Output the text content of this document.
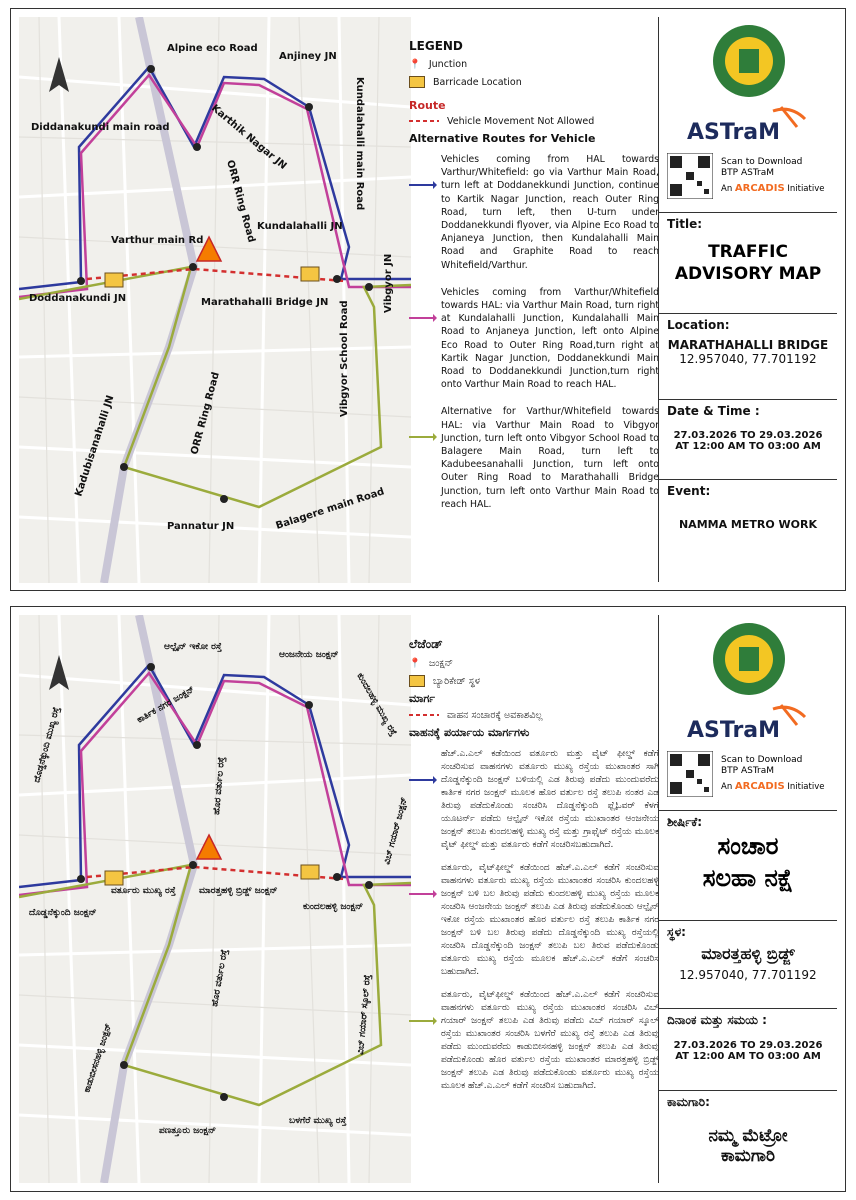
Alpine eco Road
Anjiney JN
Kundalahalli main Road
Diddanakundi main road	Karthik Nagar JN
ORR Ring Road Kundalahalli JN
Varthur main Rd
Marathahalli Bridge JN
Doddanakundi JN
Vibgyor School Road
Vibgyor JN
ORR Ring Road
Kadubisanahalli JN
Pannatur JN	Balagere main Road
LEGEND
📍 Junction
Barricade Location
Route
Vehicle Movement Not Allowed
Alternative Routes for Vehicle

Vehicles coming from HAL towards Varthur/Whitefield: go via Varthur Main Road, turn left at Doddanekkundi Junction, continue to Kartik Nagar Junction, reach Outer Ring Road, turn left, then U-turn under Doddanekkundi flyover, via Alpine Eco Road to Anjaneya Junction, then Kundalahalli Main Road and Graphite Road to reach Whitefield/Varthur.

Vehicles coming from Varthur/Whitefield towards HAL: via Varthur Main Road, turn right at Kundalahalli Junction, Kundalahalli Main Road to Anjaneya Junction, left onto Alpine Eco Road to Outer Ring Road,turn right at Kartik Nagar Junction, Doddanekkundi Main Road to Doddanekkundi Junction,turn right onto Varthur Main Road to reach HAL.

Alternative for Varthur/Whitefield towards HAL: via Varthur Main Road to Vibgyor Junction, turn left onto Vibgyor School Road to Balagere Main Road, turn left to Kadubeesanahalli Junction, turn left onto Outer Ring Road to Marathahalli Bridge Junction, turn left onto Varthur Main Road to reach HAL.

ASTraM
Scan to Download
BTP ASTraM
An ARCADIS Initiative
Title:
TRAFFIC
ADVISORY MAP
Location:
MARATHAHALLI BRIDGE
12.957040, 77.701192
Date & Time :
27.03.2026 TO 29.03.2026
AT 12:00 AM TO 03:00 AM
Event:
NAMMA METRO WORK
ಆಲ್ಪೈನ್ ಇಕೋ ರಸ್ತೆ
ಆಂಜನೇಯ ಜಂಕ್ಷನ್
ಕುಂದಲಹಳ್ಳಿ ಮುಖ್ಯ ರಸ್ತೆ
ದೊಡ್ಡನೆಕ್ಕುಂದಿ ಮುಖ್ಯ ರಸ್ತೆ
ಕಾರ್ತಿಕ ನಗರ ಜಂಕ್ಷನ್
ಹೊರ ವರ್ತುಲ ರಸ್ತೆ
ವಿಬ್ ಗಯಾರ್ ಜಂಕ್ಷನ್
ವರ್ತೂರು ಮುಖ್ಯ ರಸ್ತೆ	ಮಾರತ್ತಹಳ್ಳಿ ಬ್ರಿಡ್ಜ್ ಜಂಕ್ಷನ್
ಕುಂದಲಹಳ್ಳಿ ಜಂಕ್ಷನ್
ದೊಡ್ಡನೆಕ್ಕುಂದಿ ಜಂಕ್ಷನ್
ಹೊರ ವರ್ತುಲ ರಸ್ತೆ	ವಿಬ್ ಗಯಾರ್ ಸ್ಕೂಲ್ ರಸ್ತೆ
ಕಾಡುಬೀಸನಹಳ್ಳಿ ಜಂಕ್ಷನ್
ಪಣತ್ತೂರು ಜಂಕ್ಷನ್
ಬಳಗೆರೆ ಮುಖ್ಯ ರಸ್ತೆ
ಲೆಜೆಂಡ್
📍 ಜಂಕ್ಷನ್
ಬ್ಯಾರಿಕೇಡ್ ಸ್ಥಳ
ಮಾರ್ಗ
ವಾಹನ ಸಂಚಾರಕ್ಕೆ ಅವಕಾಶವಿಲ್ಲ
ವಾಹನಕ್ಕೆ ಪರ್ಯಾಯ ಮಾರ್ಗಗಳು

ಹೆಚ್.ಎ.ಎಲ್ ಕಡೆಯಿಂದ ವರ್ತೂರು ಮತ್ತು ವೈಟ್ ಫೀಲ್ಡ್ ಕಡೆಗೆ ಸಂಚರಿಸುವ ವಾಹನಗಳು ವರ್ತೂರು ಮುಖ್ಯ ರಸ್ತೆಯ ಮುಖಾಂತರ ಸಾಗಿ ದೊಡ್ಡನೆಕ್ಕುಂದಿ ಜಂಕ್ಷನ್ ಬಳಿಯಲ್ಲಿ ಎಡ ತಿರುವು ಪಡೆದು ಮುಂದುವರೆದು ಕಾರ್ತಿಕ ನಗರ ಜಂಕ್ಷನ್ ಮೂಲಕ ಹೊರ ವರ್ತುಲ ರಸ್ತೆ ತಲುಪಿ ನಂತರ ಎಡ ತಿರುವು ಪಡೆದುಕೊಂಡು ಸಂಚರಿಸಿ ದೊಡ್ಡನೆಕ್ಕುಂದಿ ಫ್ಲೈಓವರ್ ಕೆಳಗೆ ಯೂಟರ್ನ್ ಪಡೆದು ಆಲ್ಪೈನ್ ಇಕೋ ರಸ್ತೆಯ ಮುಖಾಂತರ ಆಂಜನೇಯ ಜಂಕ್ಷನ್ ತಲುಪಿ ಕುಂದಲಹಳ್ಳಿ ಮುಖ್ಯ ರಸ್ತೆ ಮತ್ತು ಗ್ರಾಫೈಟ್ ರಸ್ತೆಯ ಮೂಲಕ ವೈಟ್ ಫೀಲ್ಡ್ ಮತ್ತು ವರ್ತೂರು ಕಡೆಗೆ ಸಂಚರಿಸಬಹುದಾಗಿದೆ.

ವರ್ತೂರು, ವೈಟ್‌ಫೀಲ್ಡ್ ಕಡೆಯಿಂದ ಹೆಚ್.ಎ.ಎಲ್ ಕಡೆಗೆ ಸಂಚರಿಸುವ ವಾಹನಗಳು ವರ್ತೂರು ಮುಖ್ಯ ರಸ್ತೆಯ ಮುಖಾಂತರ ಸಂಚರಿಸಿ ಕುಂದಲಹಳ್ಳಿ ಜಂಕ್ಷನ್ ಬಳಿ ಬಲ ತಿರುವು ಪಡೆದು ಕುಂದಲಹಳ್ಳಿ ಮುಖ್ಯ ರಸ್ತೆಯ ಮೂಲಕ ಸಂಚರಿಸಿ ಆಂಜನೇಯ ಜಂಕ್ಷನ್ ತಲುಪಿ ಎಡ ತಿರುವು ಪಡೆದುಕೊಂಡು ಆಲ್ಪೈನ್ ಇಕೋ ರಸ್ತೆಯ ಮುಖಾಂತರ ಹೊರ ವರ್ತುಲ ರಸ್ತೆ ತಲುಪಿ ಕಾರ್ತಿಕ ನಗರ ಜಂಕ್ಷನ್ ಬಳಿ ಬಲ ತಿರುವು ಪಡೆದು ದೊಡ್ಡನೆಕ್ಕುಂದಿ ಮುಖ್ಯ ರಸ್ತೆಯಲ್ಲಿ ಸಂಚರಿಸಿ ದೊಡ್ಡನೆಕ್ಕುಂದಿ ಜಂಕ್ಷನ್ ತಲುಪಿ ಬಲ ತಿರುವ ಪಡೆದುಕೊಂಡು ವರ್ತೂರು ಮುಖ್ಯ ರಸ್ತೆಯ ಮೂಲಕ ಹೆಚ್.ಎ.ಎಲ್ ಕಡೆಗೆ ಸಂಚರಿಸ ಬಹುದಾಗಿದೆ.

ವರ್ತೂರು, ವೈಟ್‌ಫೀಲ್ಡ್ ಕಡೆಯಿಂದ ಹೆಚ್.ಎ.ಎಲ್ ಕಡೆಗೆ ಸಂಚರಿಸುವ ವಾಹನಗಳು ವರ್ತೂರು ಮುಖ್ಯ ರಸ್ತೆಯ ಮುಖಾಂತರ ಸಂಚರಿಸಿ ವಿಬ್ ಗಯಾರ್ ಜಂಕ್ಷನ್ ತಲುಪಿ ಎಡ ತಿರುವು ಪಡೆದು ವಿಬ್ ಗಯಾರ್ ಸ್ಕೂಲ್ ರಸ್ತೆಯ ಮುಖಾಂತರ ಸಂಚರಿಸಿ ಬಳಗೆರೆ ಮುಖ್ಯ ರಸ್ತೆ ತಲುಪಿ ಎಡ ತಿರುವು ಪಡೆದು ಮುಂದುವರೆದು ಕಾಡುಬೀಸನಹಳ್ಳಿ ಜಂಕ್ಷನ್ ತಲುಪಿ ಎಡ ತಿರುವು ಪಡೆದುಕೊಂಡು ಹೊರ ವರ್ತುಲ ರಸ್ತೆಯ ಮುಖಾಂತರ ಮಾರತ್ತಹಳ್ಳಿ ಬ್ರಿಡ್ಜ್ ಜಂಕ್ಷನ್ ತಲುಪಿ ಎಡ ತಿರುವು ಪಡೆದುಕೊಂಡು ವರ್ತೂರು ಮುಖ್ಯ ರಸ್ತೆಯ ಮೂಲಕ ಹೆಚ್.ಎ.ಎಲ್ ಕಡೆಗೆ ಸಂಚರಿಸ ಬಹುದಾಗಿದೆ.

ASTraM
Scan to Download
BTP ASTraM
An ARCADIS Initiative
ಶೀರ್ಷಿಕೆ:
ಸಂಚಾರ
ಸಲಹಾ ನಕ್ಷೆ
ಸ್ಥಳ:
ಮಾರತ್ತಹಳ್ಳಿ ಬ್ರಿಡ್ಜ್
12.957040, 77.701192
ದಿನಾಂಕ ಮತ್ತು ಸಮಯ :
27.03.2026 TO 29.03.2026
AT 12:00 AM TO 03:00 AM
ಕಾಮಗಾರಿ:
ನಮ್ಮ ಮೆಟ್ರೋ
ಕಾಮಗಾರಿ
